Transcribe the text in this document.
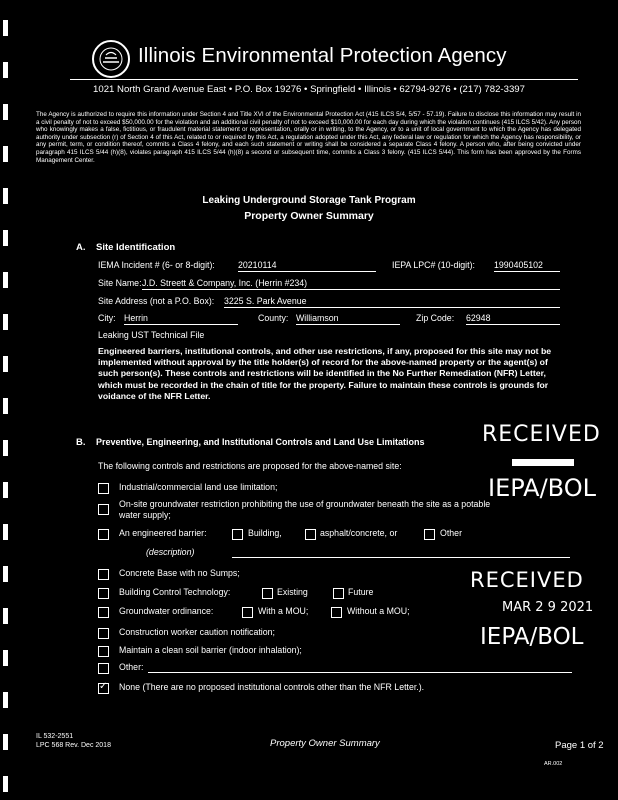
Illinois Environmental Protection Agency
1021 North Grand Avenue East • P.O. Box 19276 • Springfield • Illinois • 62794-9276 • (217) 782-3397
The Agency is authorized to require this information under Section 4 and Title XVI of the Environmental Protection Act (415 ILCS 5/4, 5/57 - 57.19). Failure to disclose this information may result in a civil penalty of not to exceed $50,000.00 for the violation and an additional civil penalty of not to exceed $10,000.00 for each day during which the violation continues (415 ILCS 5/42). Any person who knowingly makes a false, fictitious, or fraudulent material statement or representation, orally or in writing, to the Agency, or to a unit of local government to which the Agency has delegated authority under subsection (r) of Section 4 of this Act, related to or required by this Act, a regulation adopted under this Act, any federal law or regulation for which the Agency has responsibility, or any permit, term, or condition thereof, commits a Class 4 felony, and each such statement or writing shall be considered a separate Class 4 felony. A person who, after being convicted under paragraph 415 ILCS 5/44 (h)(8), violates paragraph 415 ILCS 5/44 (h)(8) a second or subsequent time, commits a Class 3 felony. (415 ILCS 5/44). This form has been approved by the Forms Management Center.
Leaking Underground Storage Tank Program
Property Owner Summary
A. Site Identification
IEMA Incident # (6- or 8-digit):	20210114	IEPA LPC# (10-digit): 1990405102
Site Name: J.D. Streett & Company, Inc. (Herrin #234)
Site Address (not a P.O. Box): 3225 S. Park Avenue
City: Herrin	County: Williamson	Zip Code: 62948
Leaking UST Technical File
Engineered barriers, institutional controls, and other use restrictions, if any, proposed for this site may not be implemented without approval by the title holder(s) of record for the above-named property or the agent(s) of such person(s). These controls and restrictions will be identified in the No Further Remediation (NFR) Letter, which must be recorded in the chain of title for the property. Failure to maintain these controls is grounds for voidance of the NFR Letter.
B. Preventive, Engineering, and Institutional Controls and Land Use Limitations
The following controls and restrictions are proposed for the above-named site:
Industrial/commercial land use limitation;
On-site groundwater restriction prohibiting the use of groundwater beneath the site as a potable
water supply;
An engineered barrier:	Building,	asphalt/concrete, or	Other
(description)
Concrete Base with no Sumps;
Building Control Technology:	Existing	Future
Groundwater ordinance:	With a MOU;	Without a MOU;
Construction worker caution notification;
Maintain a clean soil barrier (indoor inhalation);
Other:
✓
None (There are no proposed institutional controls other than the NFR Letter.).
RECEIVED
IEPA/BOL
RECEIVED
MAR 2 9 2021
IEPA/BOL
IL 532-2551
LPC 568 Rev. Dec 2018	Property Owner Summary	Page 1 of 2
AR.002
